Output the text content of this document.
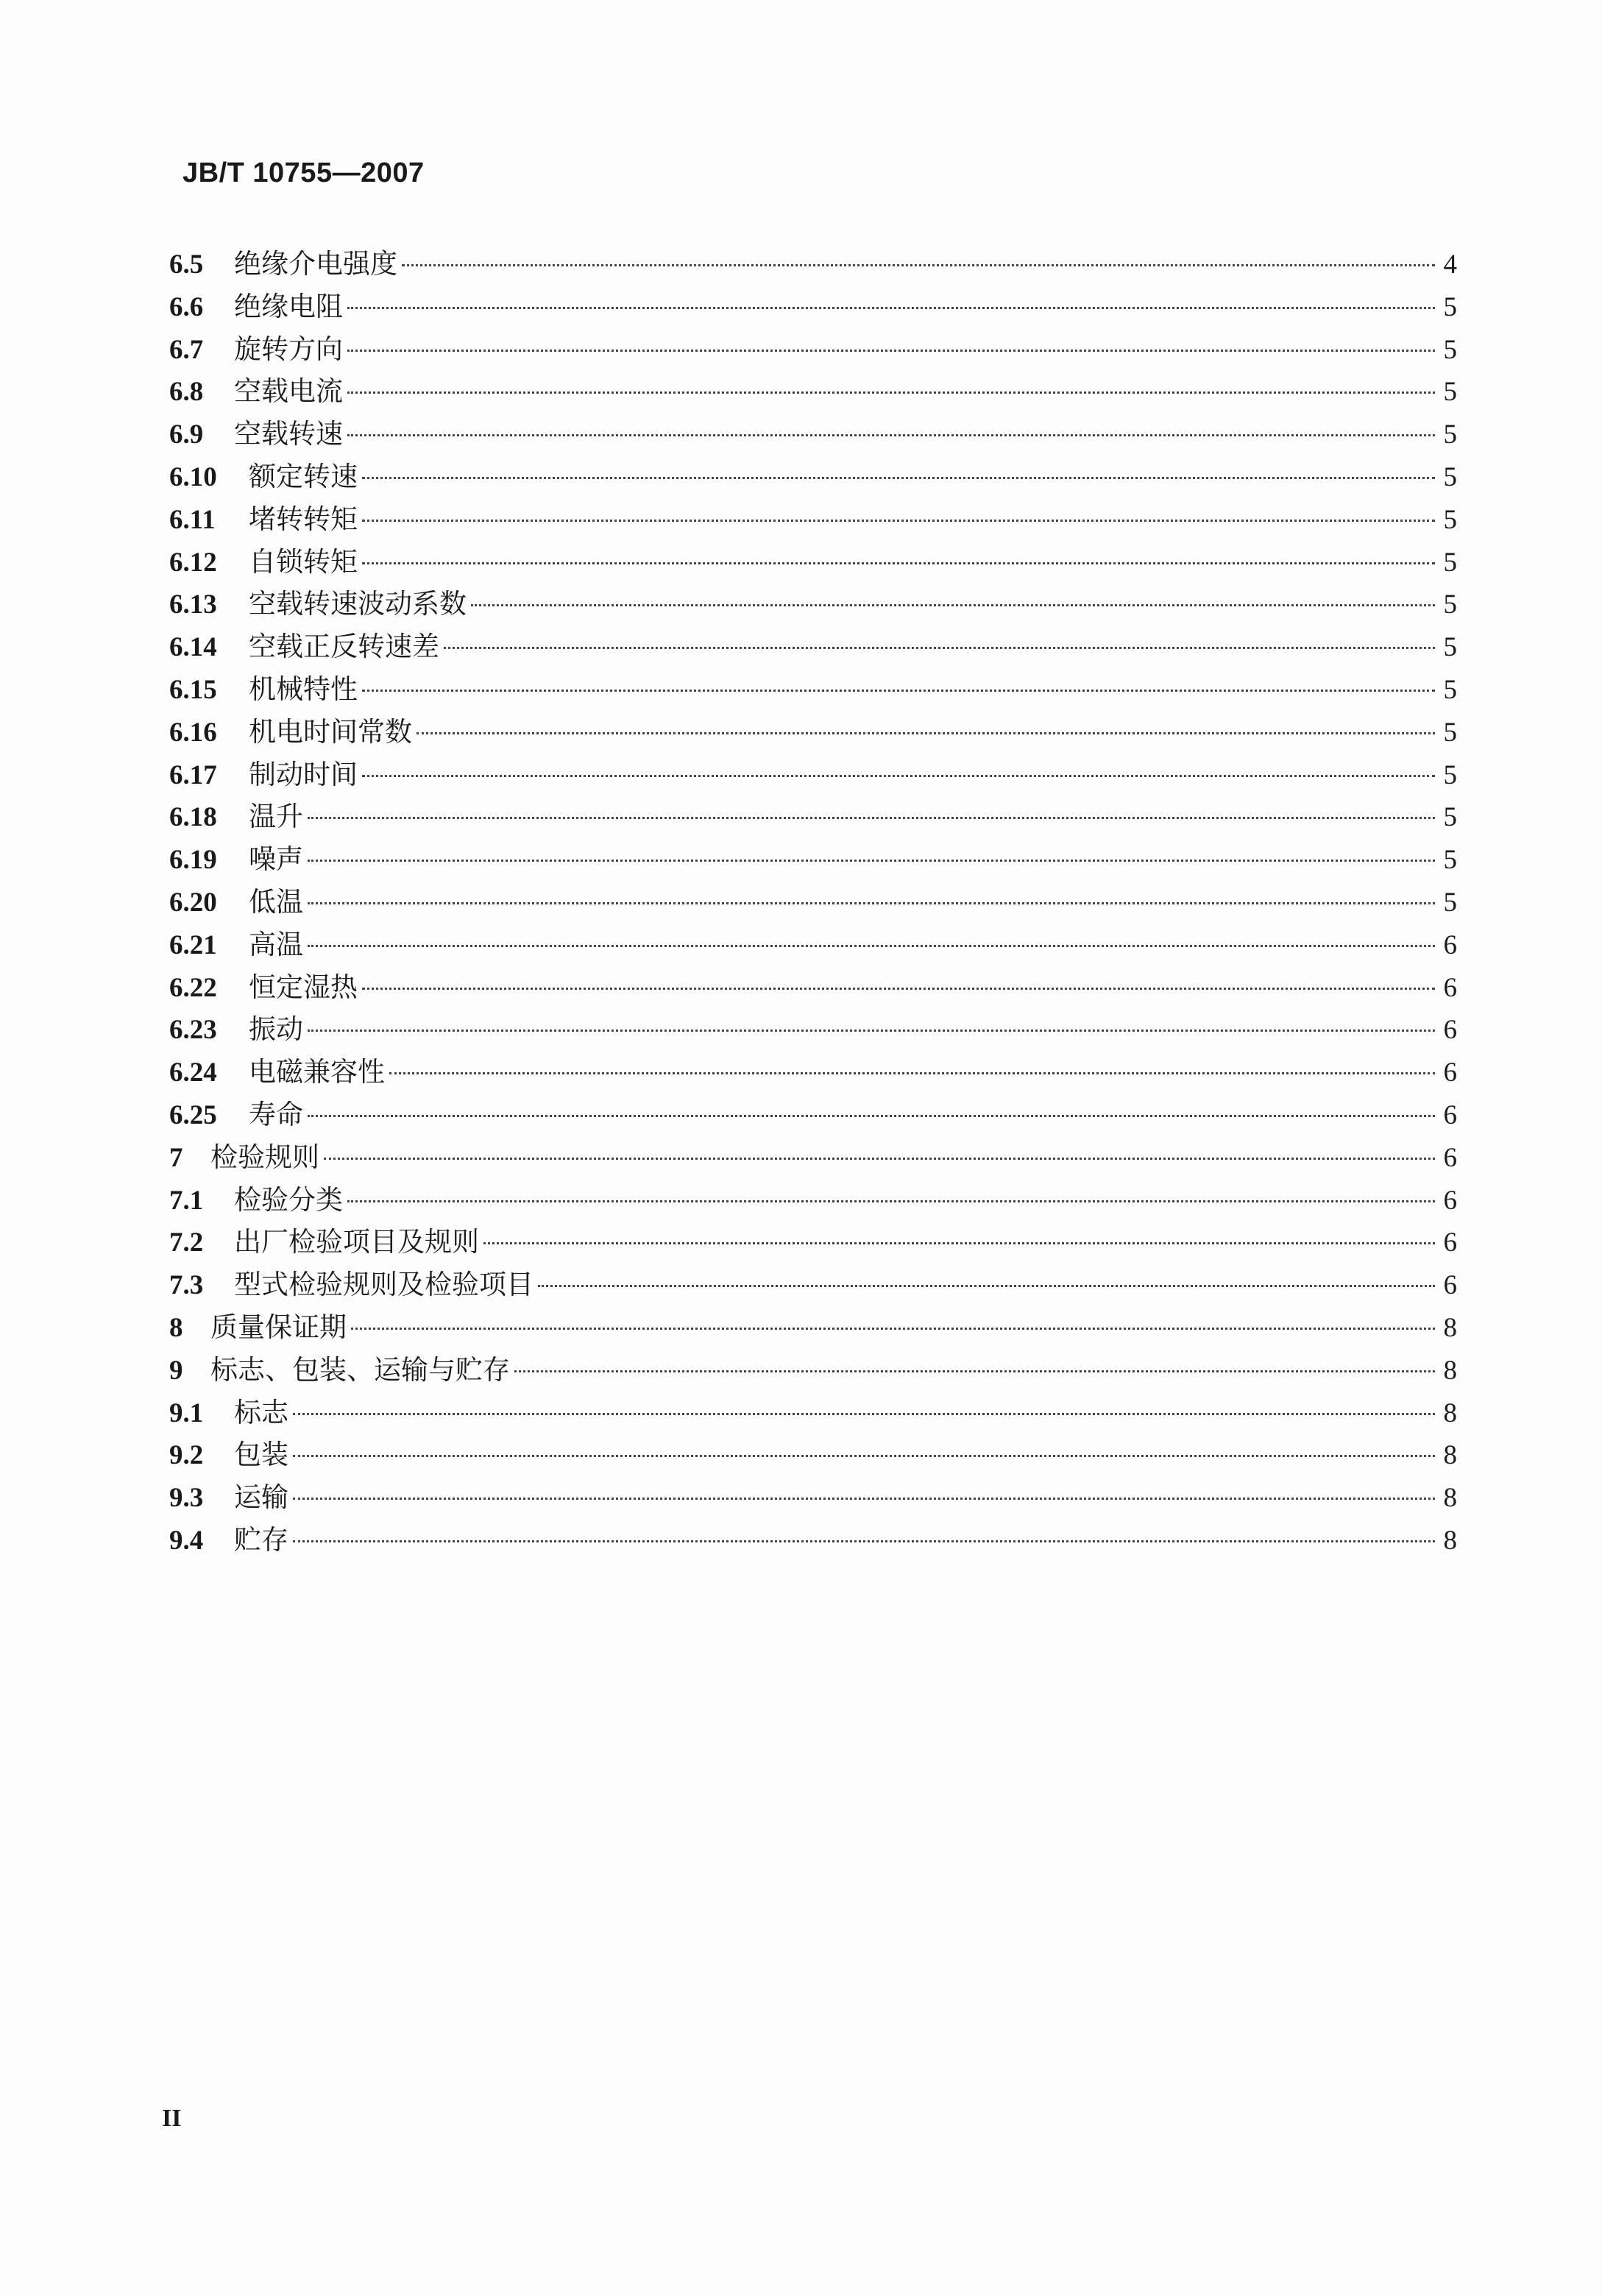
JB/T 10755—2007
6.5	绝缘介电强度	4
6.6	绝缘电阻	5
6.7	旋转方向	5
6.8	空载电流	5
6.9	空载转速	5
6.10	额定转速	5
6.11	堵转转矩	5
6.12	自锁转矩	5
6.13	空载转速波动系数	5
6.14	空载正反转速差	5
6.15	机械特性	5
6.16	机电时间常数	5
6.17	制动时间	5
6.18	温升	5
6.19	噪声	5
6.20	低温	5
6.21	高温	6
6.22	恒定湿热	6
6.23	振动	6
6.24	电磁兼容性	6
6.25	寿命	6
7	检验规则	6
7.1	检验分类	6
7.2	出厂检验项目及规则	6
7.3	型式检验规则及检验项目	6
8	质量保证期	8
9	标志、包装、运输与贮存	8
9.1	标志	8
9.2	包装	8
9.3	运输	8
9.4	贮存	8
II
